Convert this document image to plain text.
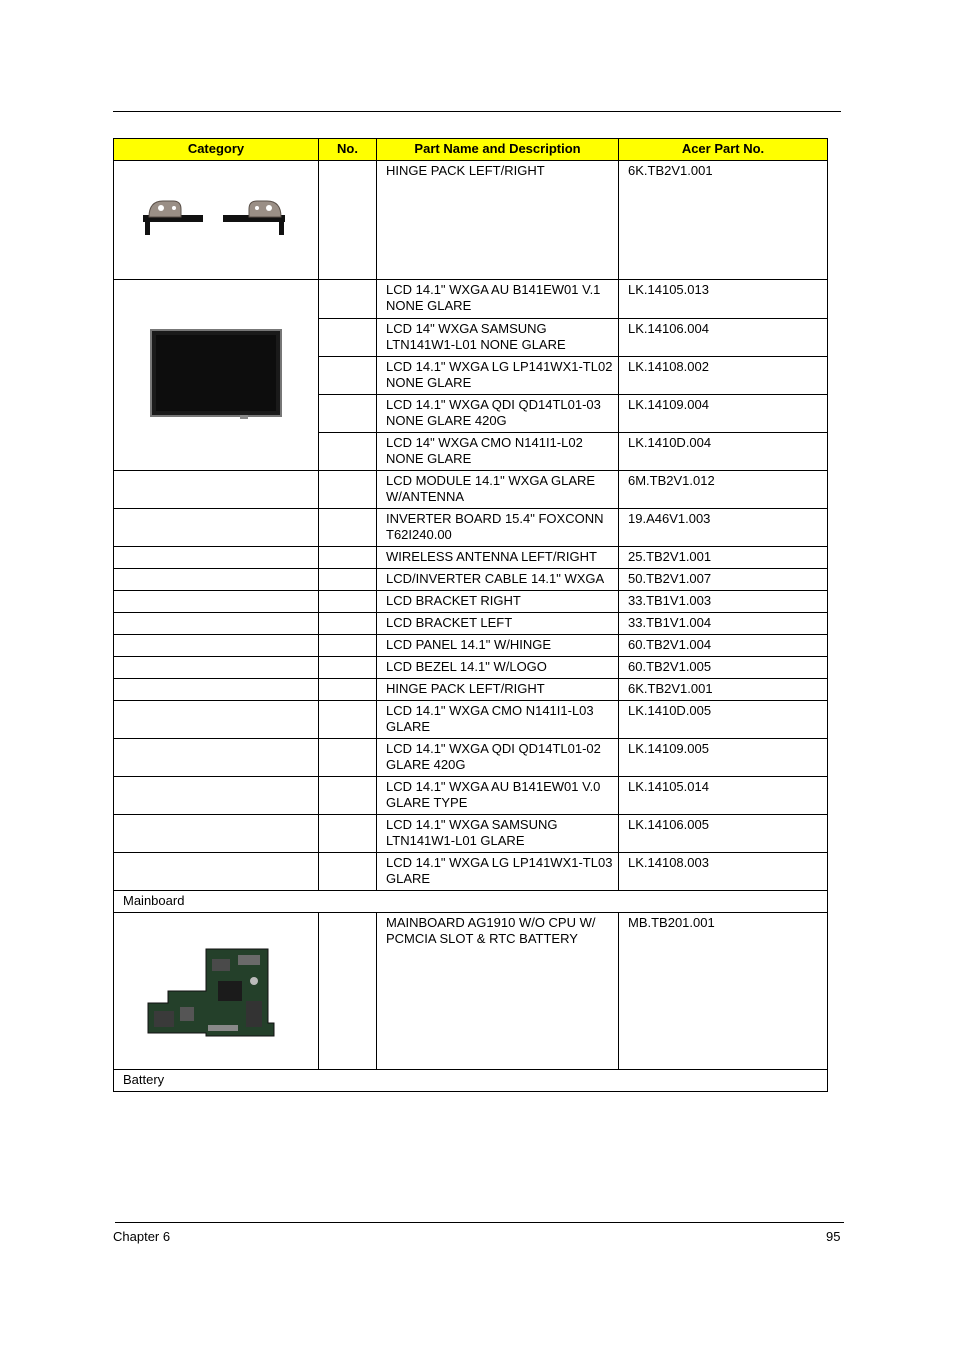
Category	No.	Part Name and Description	Acer Part No.

		HINGE PACK LEFT/RIGHT	6K.TB2V1.001

		LCD 14.1" WXGA AU B141EW01 V.1 NONE GLARE	LK.14105.013
		LCD 14" WXGA SAMSUNG LTN141W1-L01 NONE GLARE	LK.14106.004
		LCD 14.1" WXGA LG LP141WX1-TL02 NONE GLARE	LK.14108.002
		LCD 14.1" WXGA QDI QD14TL01-03 NONE GLARE 420G	LK.14109.004
		LCD 14" WXGA CMO N141I1-L02 NONE GLARE	LK.1410D.004
		LCD MODULE 14.1" WXGA GLARE W/ANTENNA	6M.TB2V1.012
		INVERTER BOARD 15.4" FOXCONN T62I240.00	19.A46V1.003
		WIRELESS ANTENNA LEFT/RIGHT	25.TB2V1.001
		LCD/INVERTER CABLE 14.1" WXGA	50.TB2V1.007
		LCD BRACKET RIGHT	33.TB1V1.003
		LCD BRACKET LEFT	33.TB1V1.004
		LCD PANEL 14.1" W/HINGE	60.TB2V1.004
		LCD BEZEL 14.1" W/LOGO	60.TB2V1.005
		HINGE PACK LEFT/RIGHT	6K.TB2V1.001
		LCD 14.1" WXGA CMO N141I1-L03 GLARE	LK.1410D.005
		LCD 14.1" WXGA QDI QD14TL01-02 GLARE 420G	LK.14109.005
		LCD 14.1" WXGA AU B141EW01 V.0 GLARE TYPE	LK.14105.014
		LCD 14.1" WXGA SAMSUNG LTN141W1-L01 GLARE	LK.14106.005
		LCD 14.1" WXGA LG LP141WX1-TL03 GLARE	LK.14108.003
Mainboard			

		MAINBOARD AG1910 W/O CPU W/ PCMCIA SLOT & RTC BATTERY	MB.TB201.001
Battery			
Chapter 6	95
